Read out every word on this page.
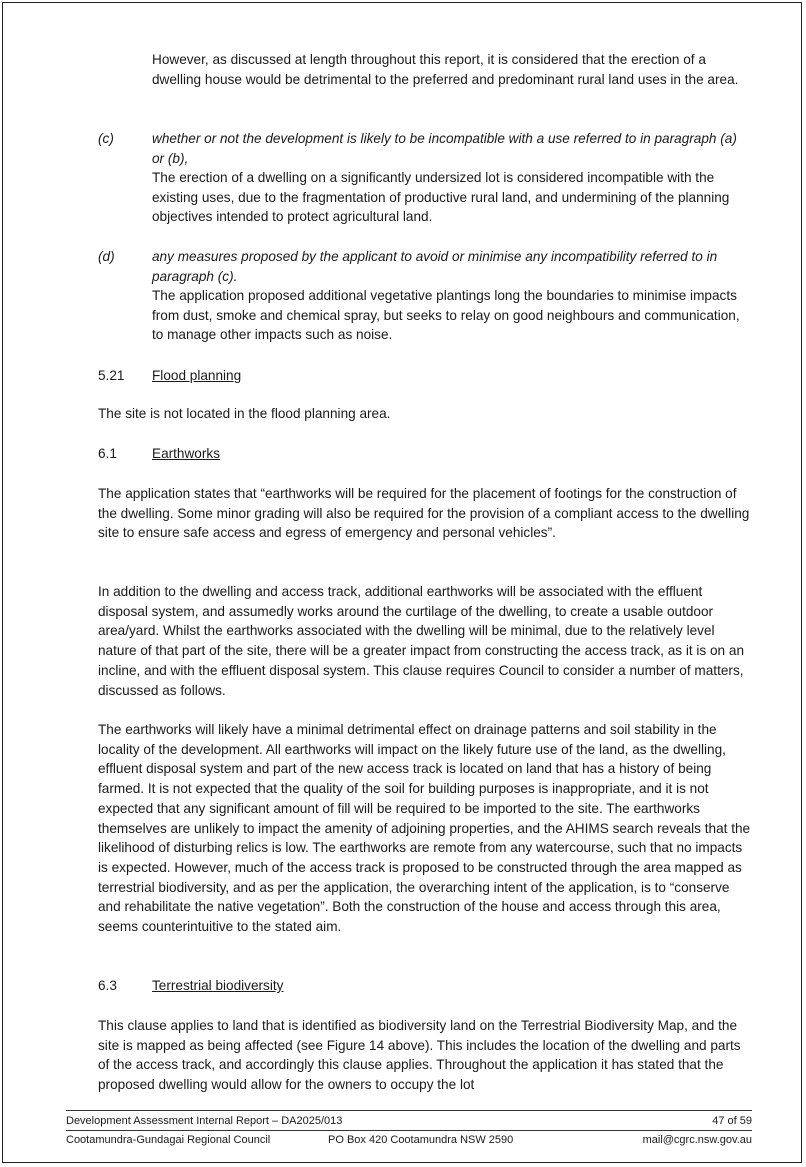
However, as discussed at length throughout this report, it is considered that the erection of a dwelling house would be detrimental to the preferred and predominant rural land uses in the area.

(c)	whether or not the development is likely to be incompatible with a use referred to in paragraph (a) or (b),

The erection of a dwelling on a significantly undersized lot is considered incompatible with the existing uses, due to the fragmentation of productive rural land, and undermining of the planning objectives intended to protect agricultural land.

(d)	any measures proposed by the applicant to avoid or minimise any incompatibility referred to in paragraph (c).

The application proposed additional vegetative plantings long the boundaries to minimise impacts from dust, smoke and chemical spray, but seeks to relay on good neighbours and communication, to manage other impacts such as noise.

5.21 Flood planning

The site is not located in the flood planning area.

6.1	Earthworks

The application states that “earthworks will be required for the placement of footings for the construction of the dwelling. Some minor grading will also be required for the provision of a compliant access to the dwelling site to ensure safe access and egress of emergency and personal vehicles”.

In addition to the dwelling and access track, additional earthworks will be associated with the effluent disposal system, and assumedly works around the curtilage of the dwelling, to create a usable outdoor area/yard. Whilst the earthworks associated with the dwelling will be minimal, due to the relatively level nature of that part of the site, there will be a greater impact from constructing the access track, as it is on an incline, and with the effluent disposal system. This clause requires Council to consider a number of matters, discussed as follows.

The earthworks will likely have a minimal detrimental effect on drainage patterns and soil stability in the locality of the development. All earthworks will impact on the likely future use of the land, as the dwelling, effluent disposal system and part of the new access track is located on land that has a history of being farmed. It is not expected that the quality of the soil for building purposes is inappropriate, and it is not expected that any significant amount of fill will be required to be imported to the site. The earthworks themselves are unlikely to impact the amenity of adjoining properties, and the AHIMS search reveals that the likelihood of disturbing relics is low. The earthworks are remote from any watercourse, such that no impacts is expected. However, much of the access track is proposed to be constructed through the area mapped as terrestrial biodiversity, and as per the application, the overarching intent of the application, is to “conserve and rehabilitate the native vegetation”. Both the construction of the house and access through this area, seems counterintuitive to the stated aim.

6.3	Terrestrial biodiversity

This clause applies to land that is identified as biodiversity land on the Terrestrial Biodiversity Map, and the site is mapped as being affected (see Figure 14 above). This includes the location of the dwelling and parts of the access track, and accordingly this clause applies. Throughout the application it has stated that the proposed dwelling would allow for the owners to occupy the lot

Development Assessment Internal Report – DA2025/013	47 of 59
Cootamundra-Gundagai Regional Council	PO Box 420 Cootamundra NSW 2590	mail@cgrc.nsw.gov.au
